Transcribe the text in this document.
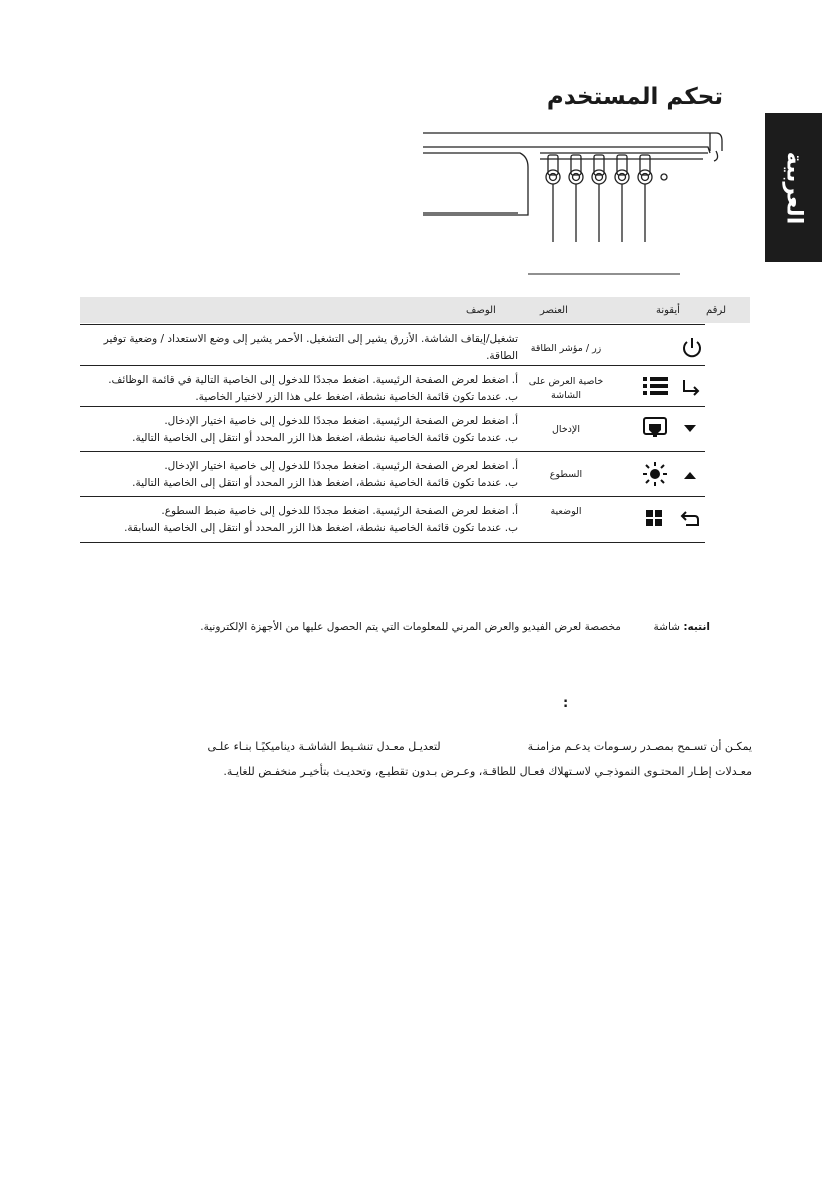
تحكم المستخدم
العربية
لرقم
أيقونة
العنصر
الوصف
تشغيل/إيقاف الشاشة. الأزرق يشير إلى التشغيل. الأحمر يشير إلى وضع الاستعداد / وضعية توفير الطاقة.
زر / مؤشر الطاقة
أ. اضغط لعرض الصفحة الرئيسية. اضغط مجددًا للدخول إلى الخاصية التالية في قائمة الوظائف.
ب. عندما تكون قائمة الخاصية نشطة، اضغط على هذا الزر لاختيار الخاصية.
خاصية العرض على الشاشة
أ. اضغط لعرض الصفحة الرئيسية. اضغط مجددًا للدخول إلى خاصية اختيار الإدخال.
ب. عندما تكون قائمة الخاصية نشطة، اضغط هذا الزر المحدد أو انتقل إلى الخاصية التالية.
الإدخال
أ. اضغط لعرض الصفحة الرئيسية. اضغط مجددًا للدخول إلى خاصية اختيار الإدخال.
ب. عندما تكون قائمة الخاصية نشطة، اضغط هذا الزر المحدد أو انتقل إلى الخاصية التالية.
السطوع
أ. اضغط لعرض الصفحة الرئيسية. اضغط مجددًا للدخول إلى خاصية ضبط السطوع.
ب. عندما تكون قائمة الخاصية نشطة، اضغط هذا الزر المحدد أو انتقل إلى الخاصية السابقة.
الوضعية
انتبه: شاشة  مخصصة لعرض الفيديو والعرض المرني للمعلومات التي يتم الحصول عليها من الأجهزة الإلكترونية.
:
يمكـن أن تسـمح بمصـدر رسـومات يدعـم مزامنـة  لتعديـل معـدل تنشـيط الشاشـة ديناميكيًـا بنـاء علـى
معـدلات إطـار المحتـوى النموذجـي لاسـتهلاك فعـال للطاقـة، وعـرض بـدون تقطيـع، وتحديـث بتأخيـر منخفـض للغايـة.
